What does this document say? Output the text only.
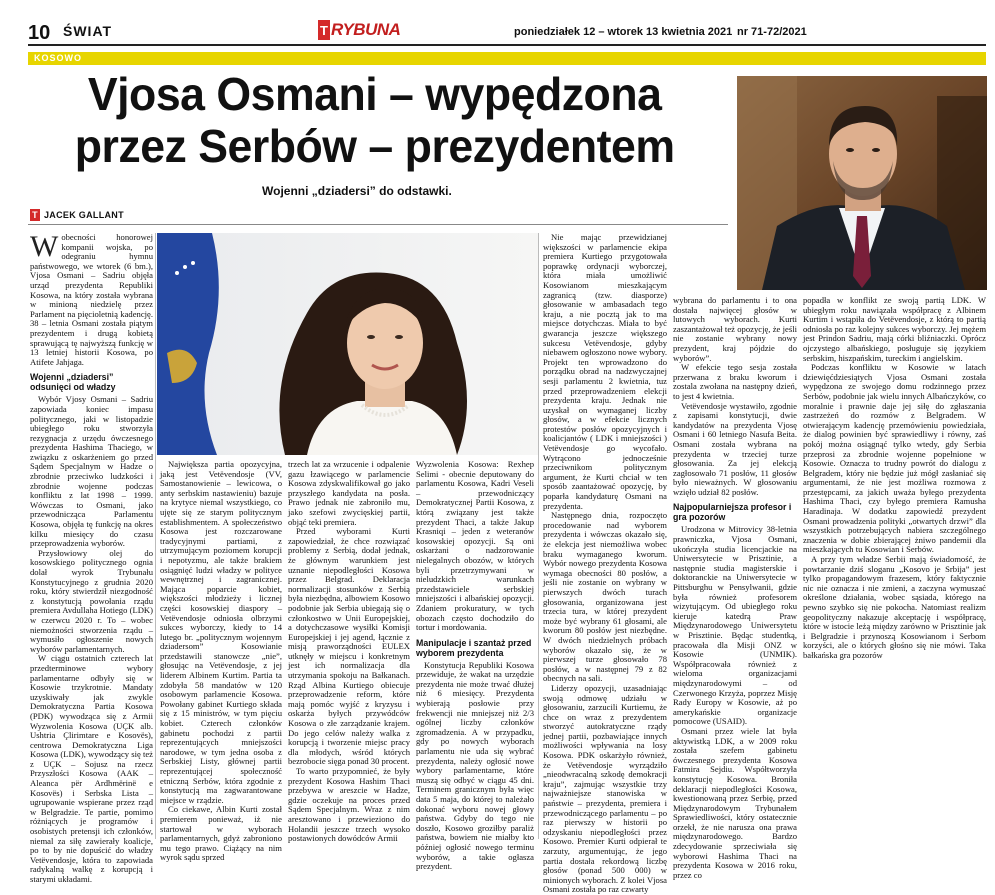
10 ŚWIAT	T RYBUNA	poniedziałek 12 – wtorek 13 kwietnia 2021 nr 71-72/2021
KOSOWO
Vjosa Osmani – wypędzona
przez Serbów – prezydentem
Wojenni „dziadersi” do odstawki.
T JACEK GALLANT

Wobecności honorowej kompanii wojska, po odegraniu hymnu państwowego, we wtorek (6 bm.), Vjosa Osmani – Sadriu objęła urząd prezydenta Republiki Kosowa, na który została wybrana w minioną niedzielę przez Parlament na pięcioletnią kadencję. 38 – letnia Osmani została piątym prezydentem i drugą kobietą sprawującą tę najwyższą funkcję w 13 letniej historii Kosowa, po Atifete Jahjaga.

Wojenni „dziadersi” odsunięci od władzy

Wybór Vjosy Osmani – Sadriu zapowiada koniec impasu politycznego, jaki w listopadzie ubiegłego roku stworzyła rezygnacja z urzędu ówczesnego prezydenta Hashima Thaciego, w związku z oskarżeniem go przed Sądem Specjalnym w Hadze o zbrodnie przeciwko ludzkości i zbrodnie wojenne podczas konfliktu z lat 1998 – 1999. Wówczas to Osmani, jako przewodnicząca Parlamentu Kosowa, objęła tę funkcję na okres kilku miesięcy do czasu przeprowadzenia wyborów.

Przysłowiowy olej do kosowskiego politycznego ognia dolał wyrok Trybunału Konstytucyjnego z grudnia 2020 roku, który stwierdził niezgodność z konstytucją powołania rządu premiera Avdullaha Hotiego (LDK) w czerwcu 2020 r. To – wobec niemożności stworzenia rządu – wymusiło ogłoszenie nowych wyborów parlamentarnych.

W ciągu ostatnich czterech lat przedterminowe wybory parlamentarne odbyły się w Kosowie trzykrotnie. Mandaty uzyskiwały jak zwykle Demokratyczna Partia Kosowa (PDK) wywodząca się z Armii Wyzwolenia Kosowa (UÇK alb. Ushtria Çlirimtare e Kosovës), centrowa Demokratyczna Liga Kosowa (LDK), wywodzący się też z UÇK – Sojusz na rzecz Przyszłości Kosowa (AAK – Aleanca për Ardhmërinë e Kosovës) i Serbska Lista – ugrupowanie wspierane przez rząd w Belgradzie. Te partie, pomimo różniących je programów i osobistych pretensji ich członków, niemal za siłę zawierały koalicje, po to by nie dopuścić do władzy Vetëvendosje, która to zapowiada radykalną walkę z korupcją i starymi układami.

Największa partia opozycyjna, jaką jest Vetëvendosje (VV, Samostanowienie – lewicowa, o anty serbskim nastawieniu) bazuje na krytyce niemal wszystkiego, co ujęte się ze starym politycznym establishmentem. A społeczeństwo Kosowa jest rozczarowane tradycyjnymi partiami, z utrzymującym poziomem korupcji i nepotyzmu, ale także brakiem osiągnięć ludzi władzy w polityce wewnętrznej i zagranicznej. Mająca poparcie kobiet, większości młodzieży i licznej części kosowskiej diaspory – Vetëvendosje odniosła olbrzymi sukces wyborczy, kiedy to 14 lutego br. „politycznym wojennym dziadersom” Kosowianie przedstawili stanowcze „nie”, głosując na Vetëvendosje, z jej liderem Albinem Kurtim. Partia ta zdobyła 58 mandatów w 120 osobowym parlamencie Kosowa. Powołany gabinet Kurtiego składa się z 15 ministrów, w tym pięciu kobiet. Czterech członków gabinetu pochodzi z partii reprezentujących mniejszości narodowe, w tym jedna osoba z Serbskiej Listy, głównej partii reprezentującej społeczność etniczną Serbów, która zgodnie z konstytucją ma zagwarantowane miejsce w rządzie.

Co ciekawe, Albin Kurti został premierem ponieważ, iż nie startował w wyborach parlamentarnych, gdyż zabroniono mu tego prawo. Ciążący na nim wyrok sądu sprzed

trzech lat za wrzucenie i odpalenie gazu łzawiącego w parlamencie Kosowa zdyskwalifikował go jako przyszłego kandydata na posła. Prawo jednak nie zabroniło mu, jako szefowi zwycięskiej partii, objąć teki premiera.

Przed wyborami Kurti zapowiedział, że chce rozwiązać problemy z Serbią, dodał jednak, że głównym warunkiem jest uznanie niepodległości Kosowa przez Belgrad. Deklaracja normalizacji stosunków z Serbią była niezbędna, albowiem Kosowo podobnie jak Serbia ubiegają się o członkostwo w Unii Europejskiej, a dotychczasowe wysiłki Komisji Europejskiej i jej agend, łącznie z misją praworządności EULEX utknęły w miejscu i konkretnym jest ich normalizacja dla utrzymania spokoju na Bałkanach. Rząd Albina Kurtiego obiecuje przeprowadzenie reform, które mają pomóc wyjść z kryzysu i oskarża byłych przywódców Kosowa o złe zarządzanie krajem. Do jego celów należy walka z korupcją i tworzenie miejsc pracy dla młodych, wśród których bezrobocie sięga ponad 30 procent.

To warto przypomnieć, że były prezydent Kosowa Hashim Thaci przebywa w areszcie w Hadze, gdzie oczekuje na proces przed Sądem Specjalnym. Wraz z nim aresztowano i przewieziono do Holandii jeszcze trzech wysoko postawionych dowódców Armii

Wyzwolenia Kosowa: Rexhep Selimi - obecnie deputowany do parlamentu Kosowa, Kadri Veseli – przewodniczący Demokratycznej Partii Kosowa, z którą związany jest także prezydent Thaci, a także Jakup Krasniqi – jeden z weteranów kosowskiej opozycji. Są oni oskarżani o nadzorowanie nielegalnych obozów, w których byli przetrzymywani w nieludzkich warunkach przedstawiciele serbskiej mniejszości i albańskiej opozycji. Zdaniem prokuratury, w tych obozach często dochodziło do tortur i mordowania.

Manipulacje i szantaż przed wyborem prezydenta

Konstytucja Republiki Kosowa przewiduje, że wakat na urzędzie prezydenta nie może trwać dłużej niż 6 miesięcy. Prezydenta wybierają posłowie przy frekwencji nie mniejszej niż 2/3 ogólnej liczby członków zgromadzenia. A w przypadku, gdy po nowych wyborach parlamentu nie uda się wybrać prezydenta, należy ogłosić nowe wybory parlamentarne, które muszą się odbyć w ciągu 45 dni. Terminem granicznym była więc data 5 maja, do której to należało dokonać wyboru nowej głowy państwa. Gdyby do tego nie doszło, Kosowo groziłby paraliż państwa, bowiem nie miałby kto później ogłosić nowego terminu wyborów, a takie ogłasza prezydent.

Nie mając przewidzianej większości w parlamencie ekipa premiera Kurtiego przygotowała poprawkę ordynacji wyborczej, która miała umożliwić Kosowianom mieszkającym zagranicą (tzw. diasporze) głosowanie w ambasadach tego kraju, a nie pocztą jak to ma miejsce dotychczas. Miała to być gwarancja jeszcze większego sukcesu Vetëvendosje, gdyby niebawem ogłoszono nowe wybory. Projekt ten wprowadzono do porządku obrad na nadzwyczajnej sesji parlamentu 2 kwietnia, tuz przed przeprowadzeniem elekcji prezydenta kraju. Jednak nie uzyskał on wymaganej liczby głosów, a w efekcie licznych protestów posłów opozycyjnych i koalicjantów ( LDK i mniejszości ) Vetëvendosje go wycofało. Wytrącono jednocześnie przeciwnikom politycznym argument, że Kurti chciał w ten sposób zaantażować opozycję, by poparła kandydaturę Osmani na prezydenta.

Następnego dnia, rozpoczęto procedowanie nad wyborem prezydenta i wówczas okazało się, że elekcja jest niemożliwa wobec braku wymaganego kworum. Wybór nowego prezydenta Kosowa wymaga obecności 80 posłów, a jeśli nie zostanie on wybrany w pierwszych dwóch turach głosowania, organizowana jest trzecia tura, w której prezydent może być wybrany 61 głosami, ale kworum 80 posłów jest niezbędne. W dwóch niedzielnych próbach wyborów okazało się, że w pierwszej turze głosowało 78 posłów, a w następnej 79 z 82 obecnych na sali.

Liderzy opozycji, uzasadniając swoją odmowę udziału w głosowaniu, zarzucili Kurtiemu, że chce on wraz z prezydentem stworzyć autokratyczne rządy jednej partii, pozbawiające innych możliwości wpływania na losy Kosowa. PDK oskarżyło również, że Vetëvendosje wyrządziło „nieodwracalną szkodę demokracji kraju”, zajmując wszystkie trzy najważniejsze stanowiska w państwie – prezydenta, premiera i przewodniczącego parlamentu – po raz pierwszy w historii po odzyskaniu niepodległości przez Kosowo. Premier Kurti odpierał te zarzuty, argumentując, że jego partia dostała rekordową liczbę głosów (ponad 500 000) w minionych wyborach. Z kolei Vjosa Osmani została po raz czwarty

wybrana do parlamentu i to ona dostała najwięcej głosów w lutowych wyborach. Kurti zaszantażował też opozycję, że jeśli nie zostanie wybrany nowy prezydent, kraj pójdzie do wyborów”.

W efekcie tego sesja została przerwana z braku kworum i zostala zwołana na następny dzień, to jest 4 kwietnia.

Vetëvendosje wystawiło, zgodnie z zapisami konstytucji, dwie kandydatów na prezydenta Vjosę Osmani i 60 letniego Nasufa Beita. Osmani została wybrana na prezydenta w trzeciej turze głosowania. Za jej elekcją zagłosowało 71 posłów, 11 głosów było nieważnych. W głosowaniu wzięło udział 82 posłów.

Najpopularniejsza profesor i gra pozorów

Urodzona w Mitrovicy 38-letnia prawniczka, Vjosa Osmani, ukończyła studia licencjackie na Uniwersytecie w Prisztinie, a następnie studia magisterskie i doktoranckie na Uniwersytecie w Pittsburghu w Pensylwanii, gdzie była również profesorem wizytującym. Od ubiegłego roku kieruje katedrą Praw Międzynarodowego Uniwersytetu w Prisztinie. Będąc studentką, pracowała dla Misji ONZ w Kosowie (UNMIK). Współpracowała również z wieloma organizacjami międzynarodowymi – od Czerwonego Krzyża, poprzez Misję Rady Europy w Kosowie, aż po amerykańskie organizacje pomocowe (USAID).

Osmani przez wiele lat była aktywistką LDK, a w 2009 roku została szefem gabinetu ówczesnego prezydenta Kosowa Fatmira Sejdiu. Współtworzyła konstytucję Kosowa. Broniła deklaracji niepodległości Kosowa, kwestionowaną przez Serbię, przed Międzynarodowym Trybunałem Sprawiedliwości, który ostatecznie orzekł, że nie narusza ona prawa międzynarodowego. Bardzo zdecydowanie sprzeciwiała się wyborowi Hashima Thaci na prezydenta Kosowa w 2016 roku, przez co

popadła w konflikt ze swoją partią LDK. W ubiegłym roku nawiązała współpracę z Albinem Kurtim i wstąpiła do Vetëvendosje, z którą to partią odniosła po raz kolejny sukces wyborczy. Jej mężem jest Prindon Sadriu, mają córki bliźniaczki. Oprócz ojczystego albańskiego, posługuje się językiem serbskim, hiszpańskim, tureckim i angielskim.

Podczas konfliktu w Kosowie w latach dziewięćdziesiątych Vjosa Osmani została wypędzona ze swojego domu rodzinnego przez Serbów, podobnie jak wielu innych Albańczyków, co moralnie i prawnie daje jej siłę do zgłaszania zastrzeżeń do rozmów z Belgradem. W otwierającym kadencję przemówieniu powiedziała, że dialog powinien być sprawiedliwy i równy, zaś pokój można osiągnąć tylko wtedy, gdy Serbia przeprosi za zbrodnie wojenne popełnione w Kosowie. Oznacza to trudny powrót do dialogu z Belgradem, który nie będzie już mógł zasłaniać się argumentami, że nie jest możliwa rozmowa z przestępcami, za jakich uważa byłego prezydenta Hashima Thaci, czy byłego premiera Ramusha Haradinaja. W dodatku zapowiedź prezydent Osmani prowadzenia polityki „otwartych drzwi” dla wszystkich potrzebujących nabiera szczególnego znaczenia w dobie zbierającej żniwo pandemii dla mieszkających tu Kosowian i Serbów.

A przy tym władze Serbii mają świadomość, że powtarzanie dziś sloganu „Kosovo je Srbija” jest tylko propagandowym frazesem, który faktycznie nic nie oznacza i nie zmieni, a zaczyna wymuszać określone działania, wobec sąsiada, którego na pewno szybko się nie pokocha. Natomiast realizm geopolityczny nakazuje akceptację i współpracę, które w istocie leżą między zarówno w Prisztinie jak i Belgradzie i przynoszą Kosowianom i Serbom korzyści, ale o których głośno się nie mówi. Taka bałkańska gra pozorów
